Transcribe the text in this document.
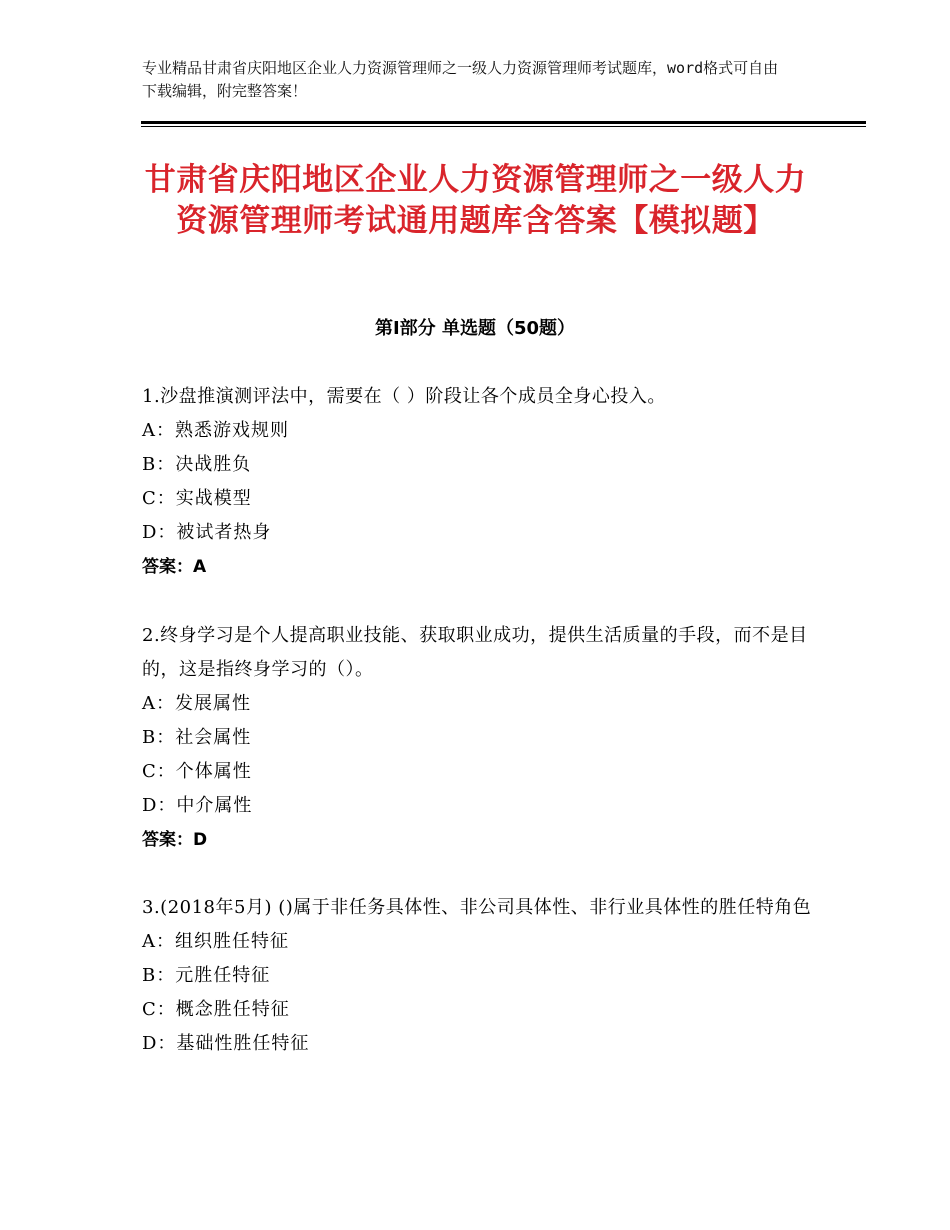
专业精品甘肃省庆阳地区企业人力资源管理师之一级人力资源管理师考试题库，word格式可自由下载编辑，附完整答案！
甘肃省庆阳地区企业人力资源管理师之一级人力资源管理师考试通用题库含答案【模拟题】
第Ⅰ部分 单选题（50题）

1.沙盘推演测评法中，需要在（ ）阶段让各个成员全身心投入。

A：熟悉游戏规则

B：决战胜负

C：实战模型

D：被试者热身

答案：A

2.终身学习是个人提高职业技能、获取职业成功，提供生活质量的手段，而不是目的，这是指终身学习的（）。

A：发展属性

B：社会属性

C：个体属性

D：中介属性

答案：D

3.(2018年5月) ()属于非任务具体性、非公司具体性、非行业具体性的胜任特角色

A：组织胜任特征

B：元胜任特征

C：概念胜任特征

D：基础性胜任特征
